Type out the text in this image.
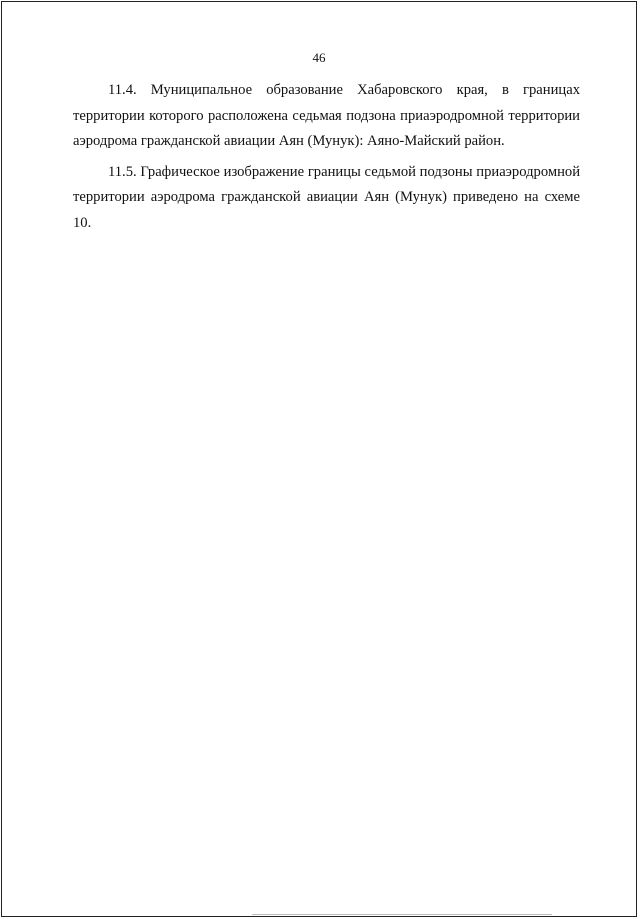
46

11.4. Муниципальное образование Хабаровского края, в границах территории которого расположена седьмая подзона приаэродромной территории аэродрома гражданской авиации Аян (Мунук): Аяно-Майский район.

11.5. Графическое изображение границы седьмой подзоны приаэродромной территории аэродрома гражданской авиации Аян (Мунук) приведено на схеме 10.
